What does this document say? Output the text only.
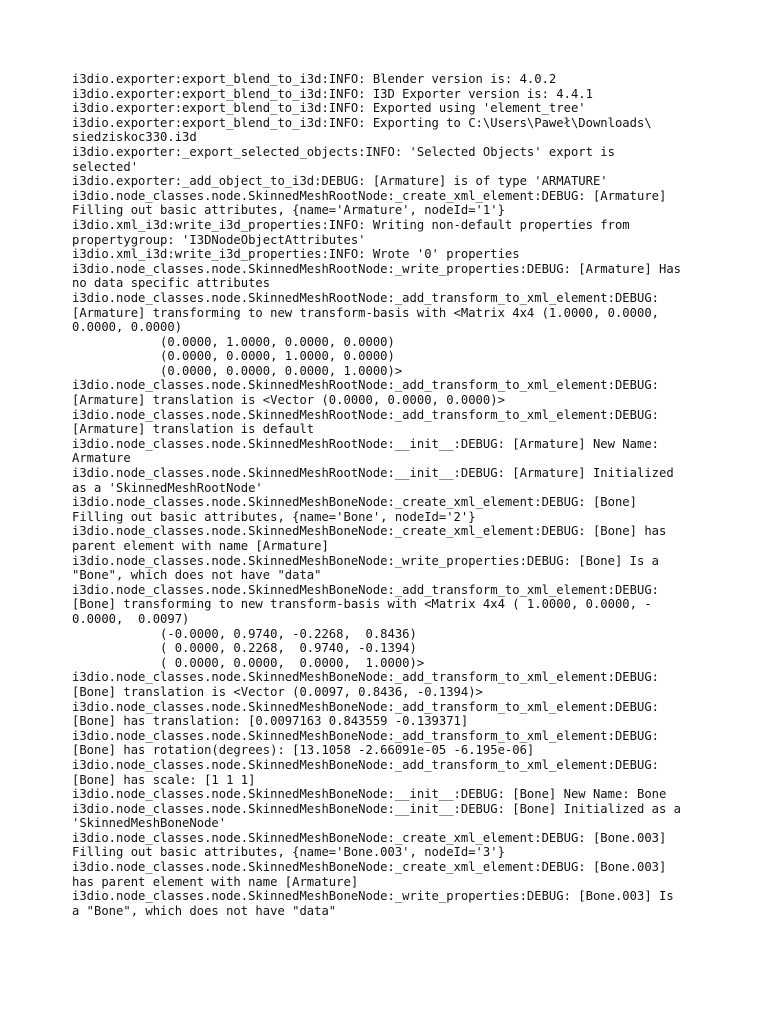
i3dio.exporter:export_blend_to_i3d:INFO: Blender version is: 4.0.2

i3dio.exporter:export_blend_to_i3d:INFO: I3D Exporter version is: 4.4.1

i3dio.exporter:export_blend_to_i3d:INFO: Exported using 'element_tree'

i3dio.exporter:export_blend_to_i3d:INFO: Exporting to C:\Users\Paweł\Downloads\

siedziskoc330.i3d

i3dio.exporter:_export_selected_objects:INFO: 'Selected Objects' export is

selected'

i3dio.exporter:_add_object_to_i3d:DEBUG: [Armature] is of type 'ARMATURE'

i3dio.node_classes.node.SkinnedMeshRootNode:_create_xml_element:DEBUG: [Armature]

Filling out basic attributes, {name='Armature', nodeId='1'}

i3dio.xml_i3d:write_i3d_properties:INFO: Writing non-default properties from

propertygroup: 'I3DNodeObjectAttributes'

i3dio.xml_i3d:write_i3d_properties:INFO: Wrote '0' properties

i3dio.node_classes.node.SkinnedMeshRootNode:_write_properties:DEBUG: [Armature] Has

no data specific attributes

i3dio.node_classes.node.SkinnedMeshRootNode:_add_transform_to_xml_element:DEBUG:

[Armature] transforming to new transform-basis with <Matrix 4x4 (1.0000, 0.0000,

0.0000, 0.0000)

(0.0000, 1.0000, 0.0000, 0.0000)

(0.0000, 0.0000, 1.0000, 0.0000)

(0.0000, 0.0000, 0.0000, 1.0000)>

i3dio.node_classes.node.SkinnedMeshRootNode:_add_transform_to_xml_element:DEBUG:

[Armature] translation is <Vector (0.0000, 0.0000, 0.0000)>

i3dio.node_classes.node.SkinnedMeshRootNode:_add_transform_to_xml_element:DEBUG:

[Armature] translation is default

i3dio.node_classes.node.SkinnedMeshRootNode:__init__:DEBUG: [Armature] New Name:

Armature

i3dio.node_classes.node.SkinnedMeshRootNode:__init__:DEBUG: [Armature] Initialized

as a 'SkinnedMeshRootNode'

i3dio.node_classes.node.SkinnedMeshBoneNode:_create_xml_element:DEBUG: [Bone]

Filling out basic attributes, {name='Bone', nodeId='2'}

i3dio.node_classes.node.SkinnedMeshBoneNode:_create_xml_element:DEBUG: [Bone] has

parent element with name [Armature]

i3dio.node_classes.node.SkinnedMeshBoneNode:_write_properties:DEBUG: [Bone] Is a

"Bone", which does not have "data"

i3dio.node_classes.node.SkinnedMeshBoneNode:_add_transform_to_xml_element:DEBUG:

[Bone] transforming to new transform-basis with <Matrix 4x4 ( 1.0000, 0.0000, -

0.0000,  0.0097)

(-0.0000, 0.9740, -0.2268,  0.8436)

( 0.0000, 0.2268,  0.9740, -0.1394)

( 0.0000, 0.0000,  0.0000,  1.0000)>

i3dio.node_classes.node.SkinnedMeshBoneNode:_add_transform_to_xml_element:DEBUG:

[Bone] translation is <Vector (0.0097, 0.8436, -0.1394)>

i3dio.node_classes.node.SkinnedMeshBoneNode:_add_transform_to_xml_element:DEBUG:

[Bone] has translation: [0.0097163 0.843559 -0.139371]

i3dio.node_classes.node.SkinnedMeshBoneNode:_add_transform_to_xml_element:DEBUG:

[Bone] has rotation(degrees): [13.1058 -2.66091e-05 -6.195e-06]

i3dio.node_classes.node.SkinnedMeshBoneNode:_add_transform_to_xml_element:DEBUG:

[Bone] has scale: [1 1 1]

i3dio.node_classes.node.SkinnedMeshBoneNode:__init__:DEBUG: [Bone] New Name: Bone

i3dio.node_classes.node.SkinnedMeshBoneNode:__init__:DEBUG: [Bone] Initialized as a

'SkinnedMeshBoneNode'

i3dio.node_classes.node.SkinnedMeshBoneNode:_create_xml_element:DEBUG: [Bone.003]

Filling out basic attributes, {name='Bone.003', nodeId='3'}

i3dio.node_classes.node.SkinnedMeshBoneNode:_create_xml_element:DEBUG: [Bone.003]

has parent element with name [Armature]

i3dio.node_classes.node.SkinnedMeshBoneNode:_write_properties:DEBUG: [Bone.003] Is

a "Bone", which does not have "data"
